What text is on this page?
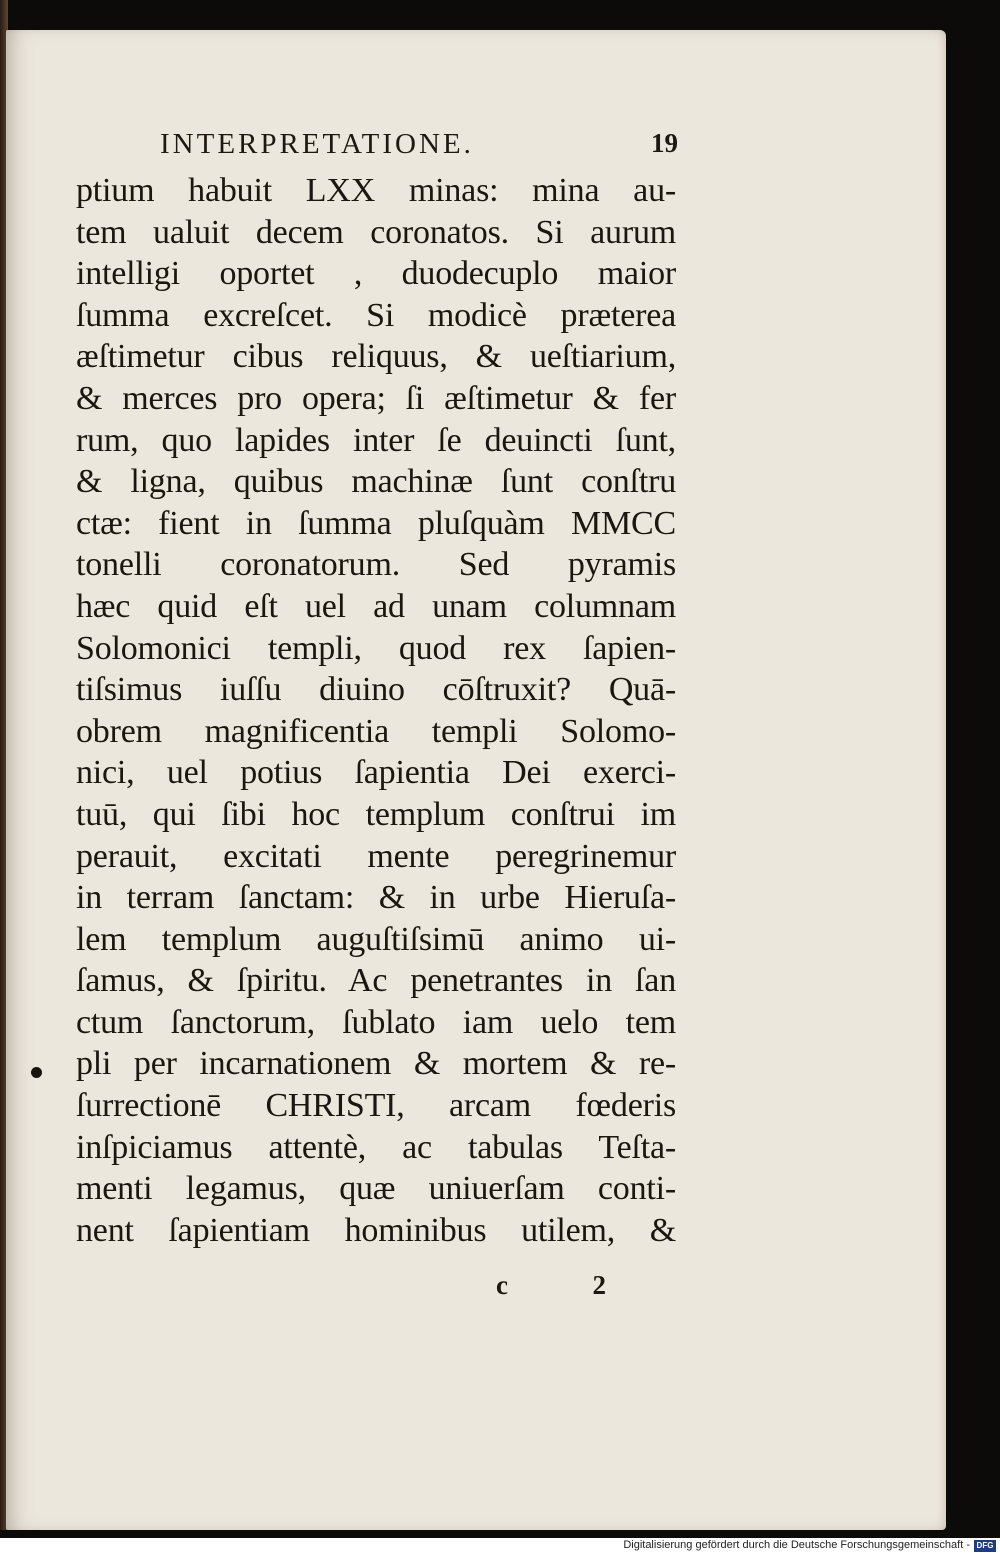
INTERPRETATIONE.	19
ptium habuit LXX minas: mina au-
tem ualuit decem coronatos. Si aurum
intelligi oportet , duodecuplo maior
ſumma excreſcet. Si modicè præterea
æſtimetur cibus reliquus, & ueſtiarium,
& merces pro opera; ſi æſtimetur & fer
rum, quo lapides inter ſe deuincti ſunt,
& ligna, quibus machinæ ſunt conſtru
ctæ: fient in ſumma pluſquàm MMCC
tonelli coronatorum. Sed pyramis
hæc quid eſt uel ad unam columnam
Solomonici templi, quod rex ſapien-
tiſsimus iuſſu diuino cōſtruxit? Quā-
obrem magnificentia templi Solomo-
nici, uel potius ſapientia Dei exerci-
tuū, qui ſibi hoc templum conſtrui im
perauit, excitati mente peregrinemur
in terram ſanctam: & in urbe Hieruſa-
lem templum auguſtiſsimū animo ui-
ſamus, & ſpiritu. Ac penetrantes in ſan
ctum ſanctorum, ſublato iam uelo tem
pli per incarnationem & mortem & re-
ſurrectionē CHRISTI, arcam fœderis
inſpiciamus attentè, ac tabulas Teſta-
menti legamus, quæ uniuerſam conti-
nent ſapientiam hominibus utilem, &
c	2
Digitalisierung gefördert durch die Deutsche Forschungsgemeinschaft - DFG
